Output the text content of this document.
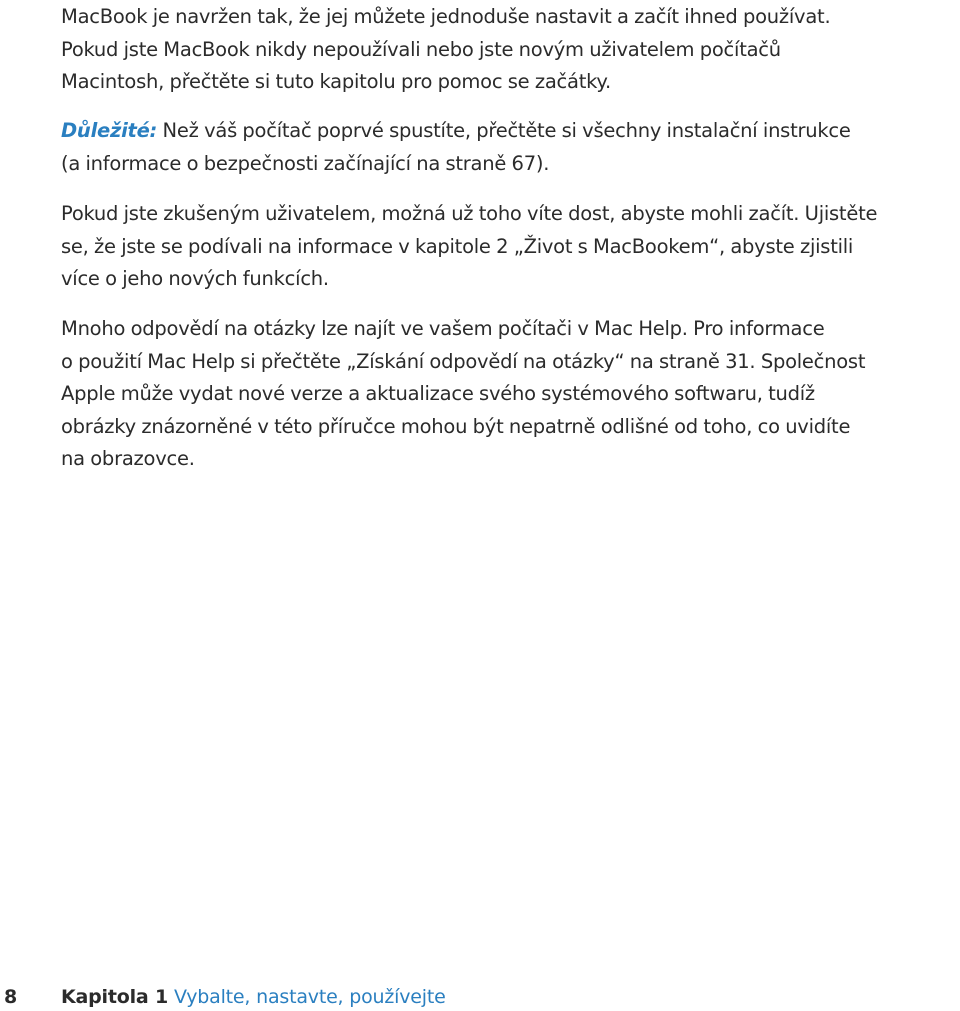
MacBook je navržen tak, že jej můžete jednoduše nastavit a začít ihned používat.
Pokud jste MacBook nikdy nepoužívali nebo jste novým uživatelem počítačů
Macintosh, přečtěte si tuto kapitolu pro pomoc se začátky.

Důležité: Než váš počítač poprvé spustíte, přečtěte si všechny instalační instrukce
(a informace o bezpečnosti začínající na straně 67).

Pokud jste zkušeným uživatelem, možná už toho víte dost, abyste mohli začít. Ujistěte
se, že jste se podívali na informace v kapitole 2 „Život s MacBookem“, abyste zjistili
více o jeho nových funkcích.

Mnoho odpovědí na otázky lze najít ve vašem počítači v Mac Help. Pro informace
o použití Mac Help si přečtěte „Získání odpovědí na otázky“ na straně 31. Společnost
Apple může vydat nové verze a aktualizace svého systémového softwaru, tudíž
obrázky znázorněné v této příručce mohou být nepatrně odlišné od toho, co uvidíte
na obrazovce.

8 Kapitola 1 Vybalte, nastavte, používejte
